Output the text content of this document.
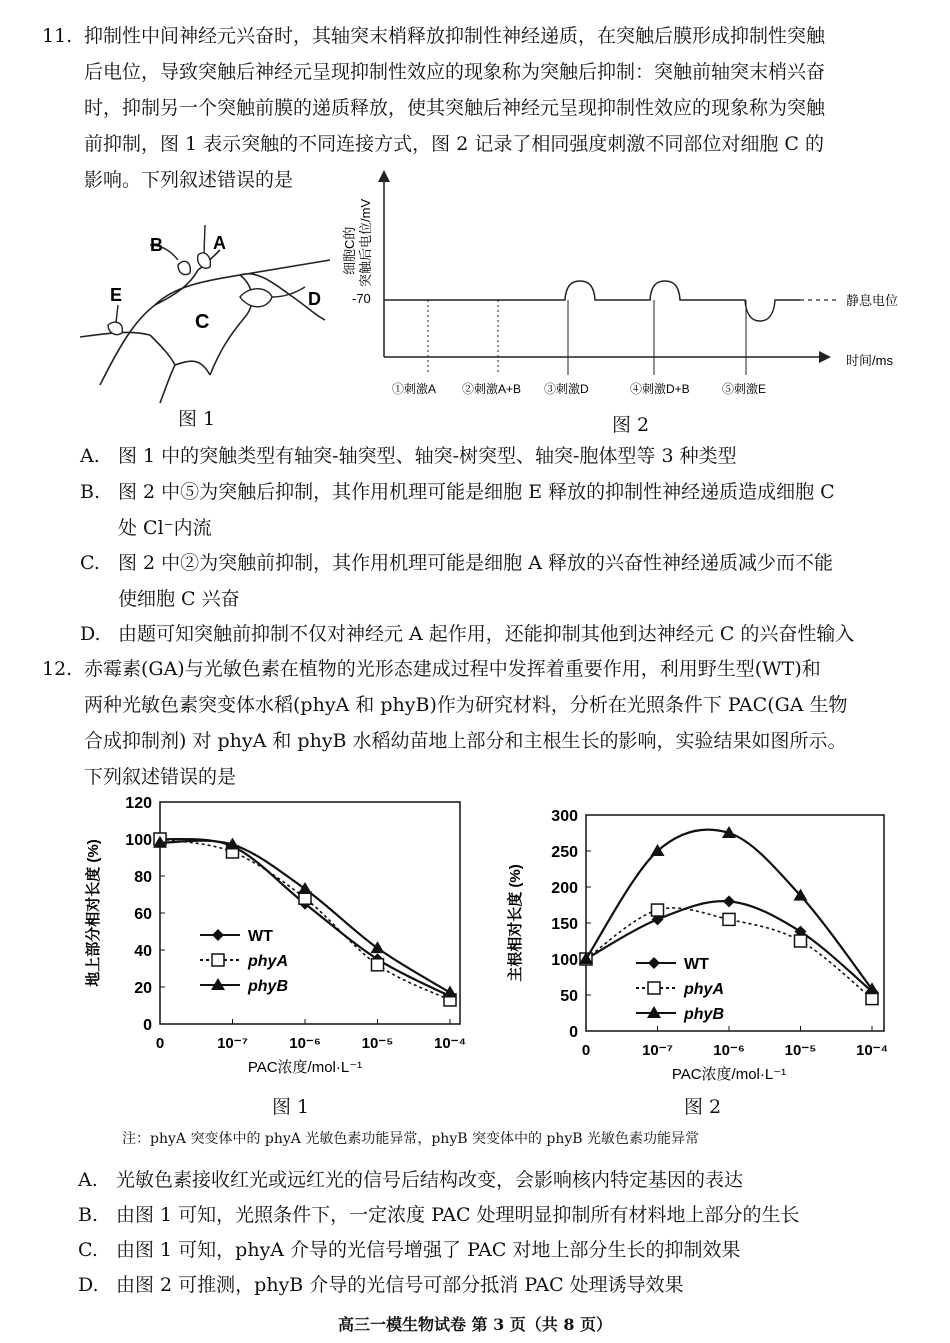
11. 抑制性中间神经元兴奋时，其轴突末梢释放抑制性神经递质，在突触后膜形成抑制性突触
后电位，导致突触后神经元呈现抑制性效应的现象称为突触后抑制：突触前轴突末梢兴奋
时，抑制另一个突触前膜的递质释放，使其突触后神经元呈现抑制性效应的现象称为突触
前抑制，图 1 表示突触的不同连接方式，图 2 记录了相同强度刺激不同部位对细胞 C 的
影响。下列叙述错误的是
B	A
E
C
D
图 1
细胞C的 突触后电位/mV
-70	静息电位
时间/ms
①刺激A ②刺激A+B ③刺激D	④刺激D+B	⑤刺激E
图 2
A. 图 1 中的突触类型有轴突-轴突型、轴突-树突型、轴突-胞体型等 3 种类型
B. 图 2 中⑤为突触后抑制，其作用机理可能是细胞 E 释放的抑制性神经递质造成细胞 C
处 Cl⁻内流
C. 图 2 中②为突触前抑制，其作用机理可能是细胞 A 释放的兴奋性神经递质减少而不能
使细胞 C 兴奋
D. 由题可知突触前抑制不仅对神经元 A 起作用，还能抑制其他到达神经元 C 的兴奋性输入
12. 赤霉素(GA)与光敏色素在植物的光形态建成过程中发挥着重要作用，利用野生型(WT)和
两种光敏色素突变体水稻(phyA 和 phyB)作为研究材料，分析在光照条件下 PAC(GA 生物
合成抑制剂) 对 phyA 和 phyB 水稻幼苗地上部分和主根生长的影响，实验结果如图所示。
下列叙述错误的是
0
20
40
60
80
100
120
0	10⁻⁷	10⁻⁶	10⁻⁵	10⁻⁴
PAC浓度/mol·L⁻¹
地上部分相对长度 (%)	WT
phyA
phyB
0
50
100
150
200
250
300
0	10⁻⁷	10⁻⁶	10⁻⁵	10⁻⁴
PAC浓度/mol·L⁻¹
主根相对长度 (%)	WT
phyA
phyB
图 1	图 2
注：phyA 突变体中的 phyA 光敏色素功能异常，phyB 突变体中的 phyB 光敏色素功能异常
A. 光敏色素接收红光或远红光的信号后结构改变，会影响核内特定基因的表达
B. 由图 1 可知，光照条件下，一定浓度 PAC 处理明显抑制所有材料地上部分的生长
C. 由图 1 可知，phyA 介导的光信号增强了 PAC 对地上部分生长的抑制效果
D. 由图 2 可推测，phyB 介导的光信号可部分抵消 PAC 处理诱导效果
高三一模生物试卷 第 3 页（共 8 页）
